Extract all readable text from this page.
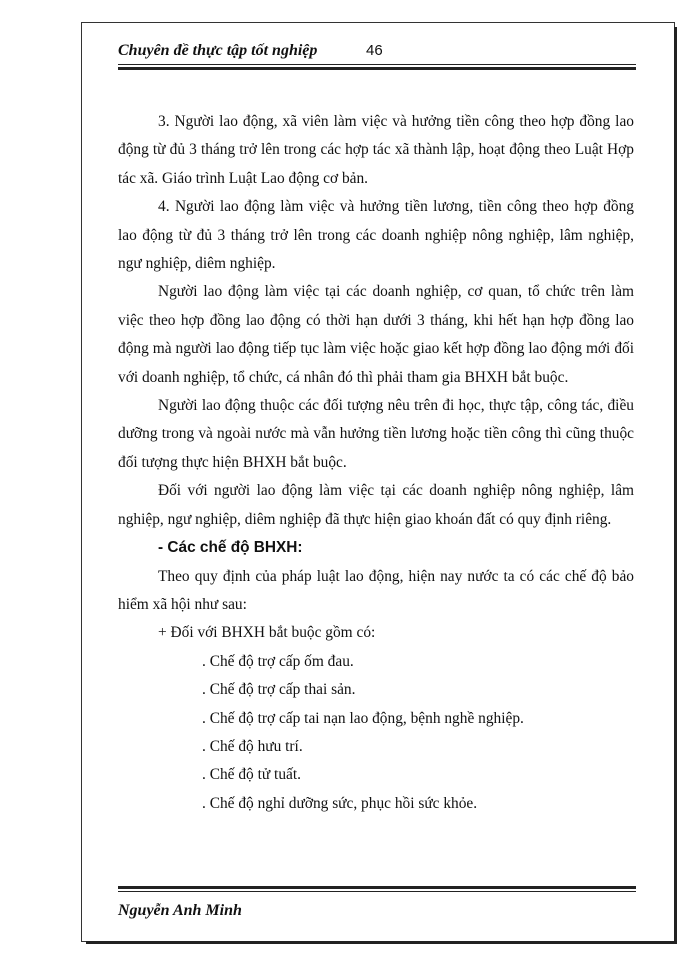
Chuyên đề thực tập tốt nghiệp	46

3. Người lao động, xã viên làm việc và hưởng tiền công theo hợp đồng lao động từ đủ 3 tháng trở lên trong các hợp tác xã thành lập, hoạt động theo Luật Hợp tác xã. Giáo trình Luật Lao động cơ bản.

4. Người lao động làm việc và hưởng tiền lương, tiền công theo hợp đồng lao động từ đủ 3 tháng trở lên trong các doanh nghiệp nông nghiệp, lâm nghiệp, ngư nghiệp, diêm nghiệp.

Người lao động làm việc tại các doanh nghiệp, cơ quan, tổ chức trên làm việc theo hợp đồng lao động có thời hạn dưới 3 tháng, khi hết hạn hợp đồng lao động mà người lao động tiếp tục làm việc hoặc giao kết hợp đồng lao động mới đối với doanh nghiệp, tổ chức, cá nhân đó thì phải tham gia BHXH bắt buộc.

Người lao động thuộc các đối tượng nêu trên đi học, thực tập, công tác, điều dưỡng trong và ngoài nước mà vẫn hưởng tiền lương hoặc tiền công thì cũng thuộc đối tượng thực hiện BHXH bắt buộc.

Đối với người lao động làm việc tại các doanh nghiệp nông nghiệp, lâm nghiệp, ngư nghiệp, diêm nghiệp đã thực hiện giao khoán đất có quy định riêng.

- Các chế độ BHXH:

Theo quy định của pháp luật lao động, hiện nay nước ta có các chế độ bảo hiểm xã hội như sau:

+ Đối với BHXH bắt buộc gồm có:

. Chế độ trợ cấp ốm đau.

. Chế độ trợ cấp thai sản.

. Chế độ trợ cấp tai nạn lao động, bệnh nghề nghiệp.

. Chế độ hưu trí.

. Chế độ tử tuất.

. Chế độ nghỉ dưỡng sức, phục hồi sức khỏe.

Nguyễn Anh Minh
